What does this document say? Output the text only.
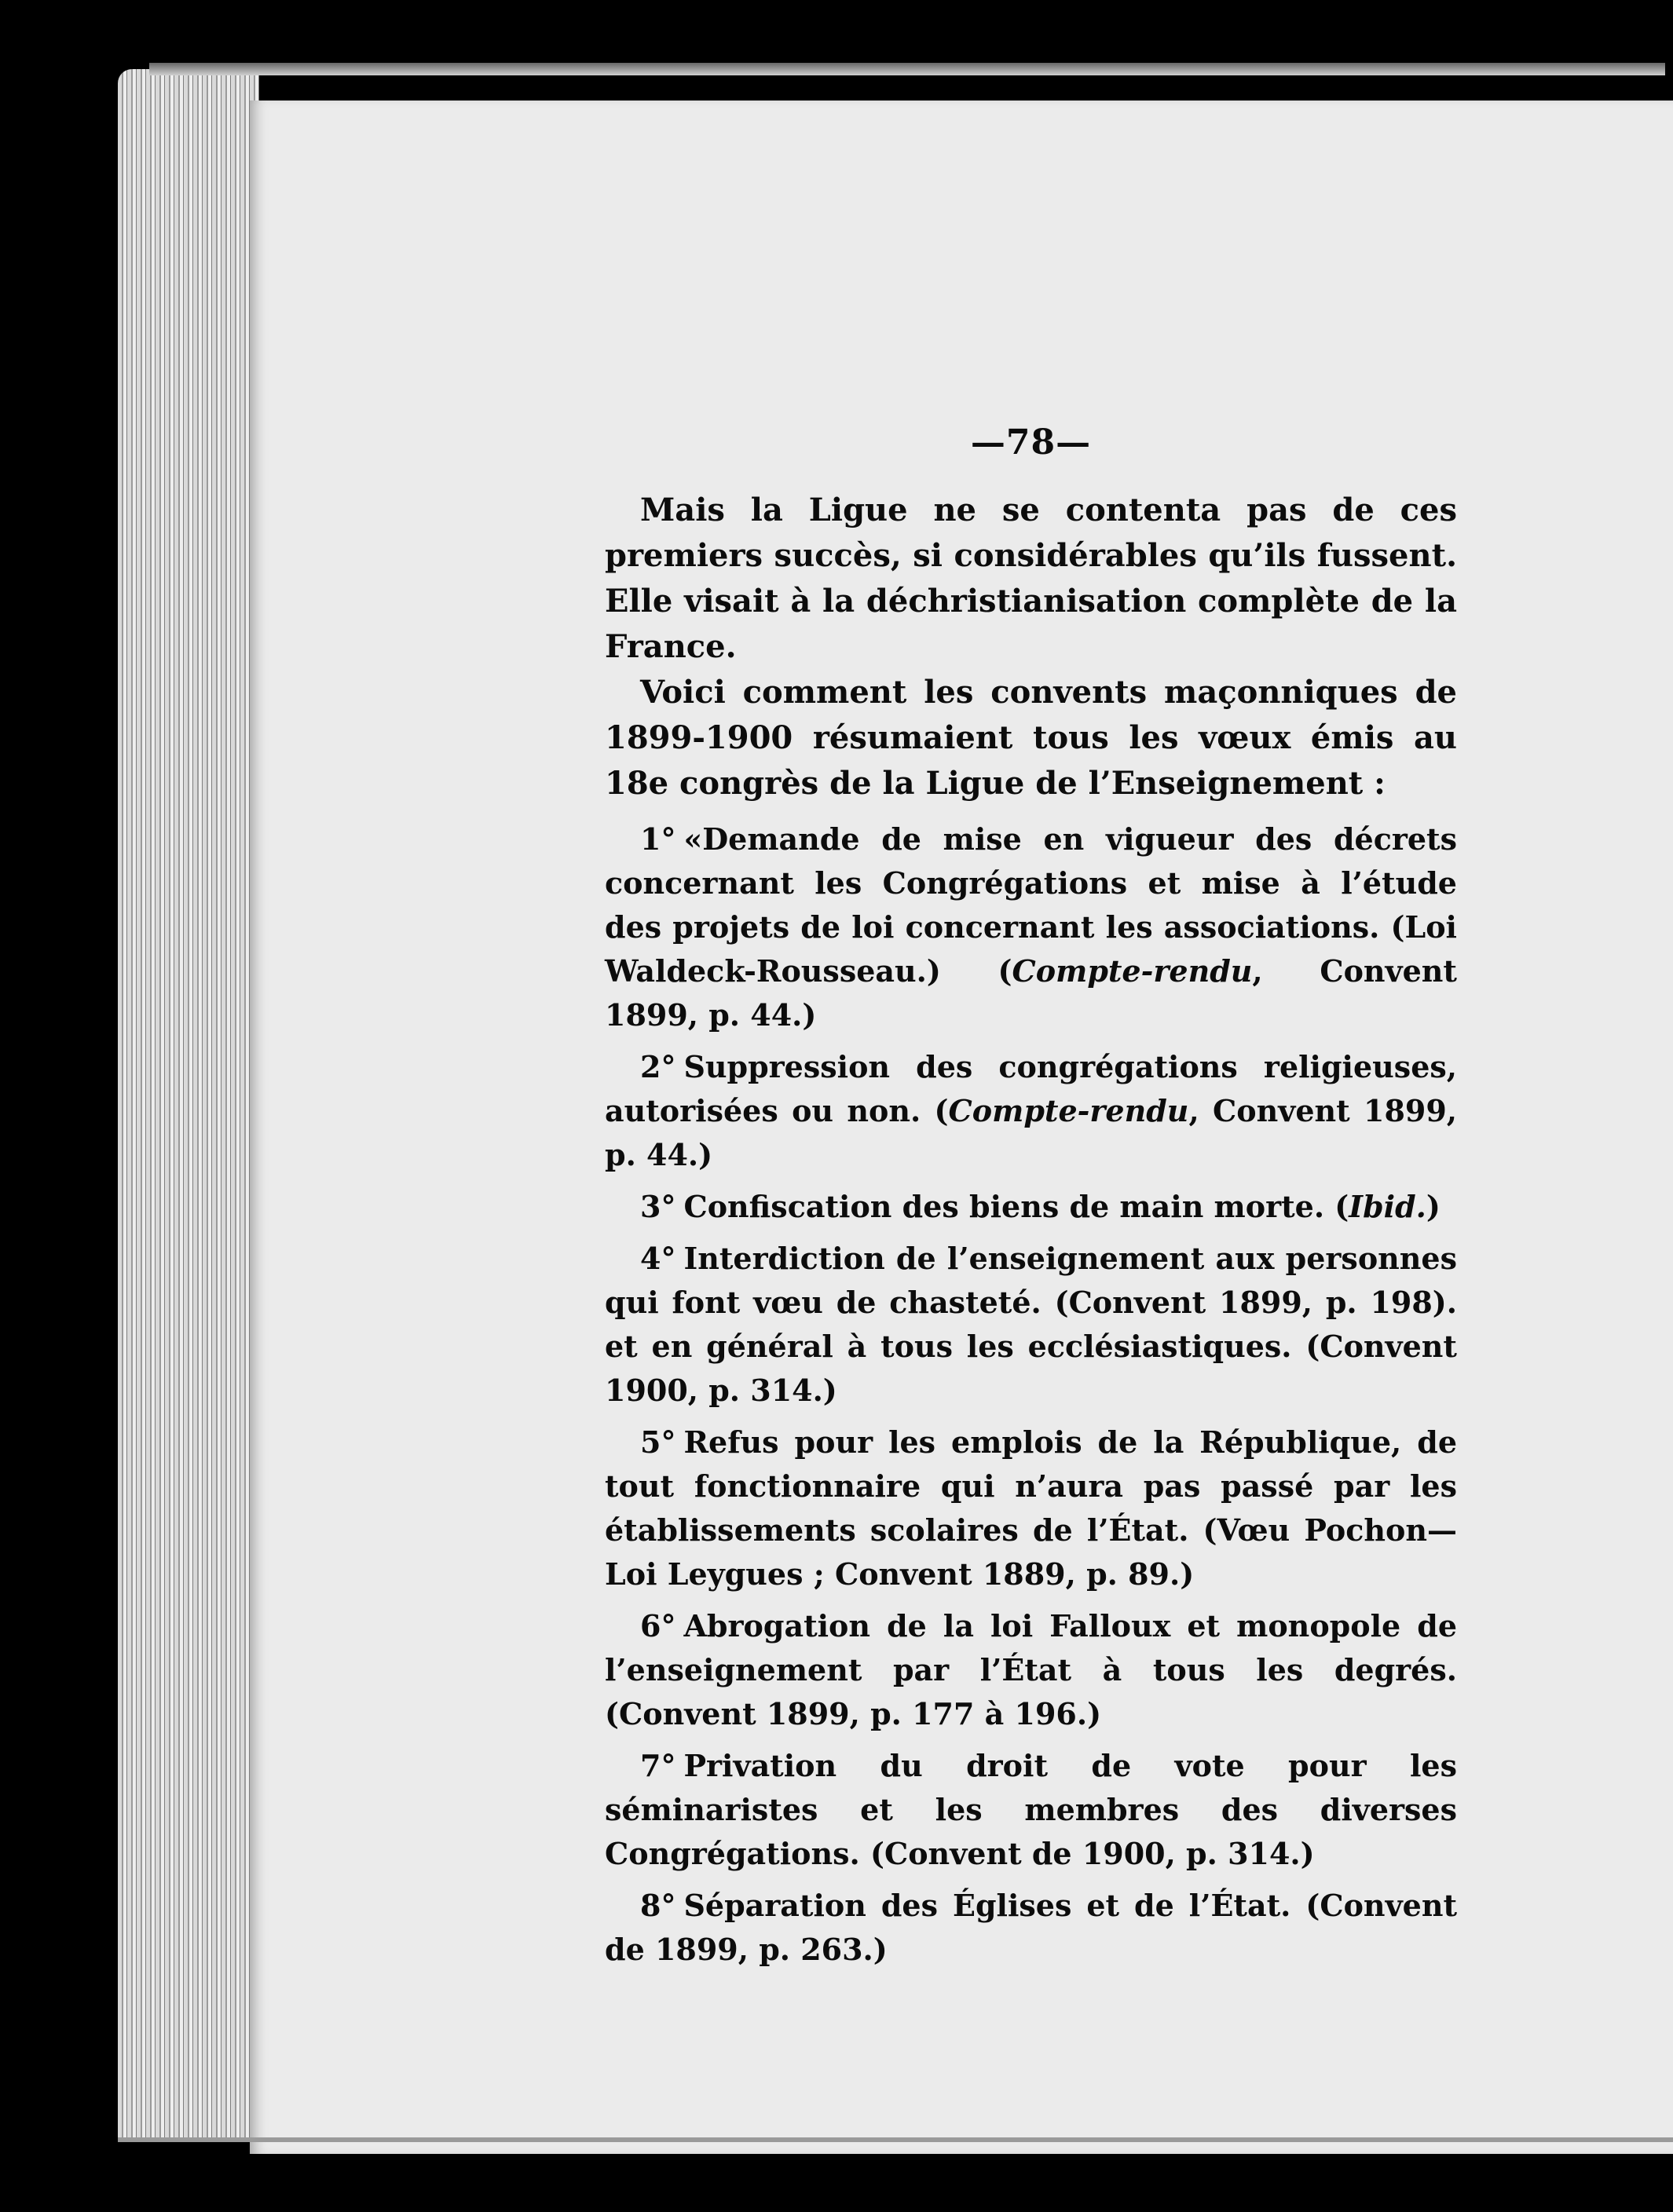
—78—

Mais la Ligue ne se contenta pas de ces premiers succès, si considérables qu’ils fussent. Elle visait à la déchristianisation complète de la France.

Voici comment les convents maçonniques de 1899-1900 résumaient tous les vœux émis au 18e congrès de la Ligue de l’Enseignement :

1° «Demande de mise en vigueur des décrets concernant les Congrégations et mise à l’étude des projets de loi concernant les associations. (Loi Waldeck-Rousseau.) (Compte-rendu, Convent 1899, p. 44.)

2° Suppression des congrégations religieuses, autorisées ou non. (Compte-rendu, Convent 1899, p. 44.)

3° Confiscation des biens de main morte. (Ibid.)

4° Interdiction de l’enseignement aux personnes qui font vœu de chasteté. (Convent 1899, p. 198). et en général à tous les ecclésiastiques. (Convent 1900, p. 314.)

5° Refus pour les emplois de la République, de tout fonctionnaire qui n’aura pas passé par les établissements scolaires de l’État. (Vœu Pochon—Loi Leygues ; Convent 1889, p. 89.)

6° Abrogation de la loi Falloux et monopole de l’enseignement par l’État à tous les degrés. (Convent 1899, p. 177 à 196.)

7° Privation du droit de vote pour les séminaristes et les membres des diverses Congrégations. (Convent de 1900, p. 314.)

8° Séparation des Églises et de l’État. (Convent de 1899, p. 263.)
